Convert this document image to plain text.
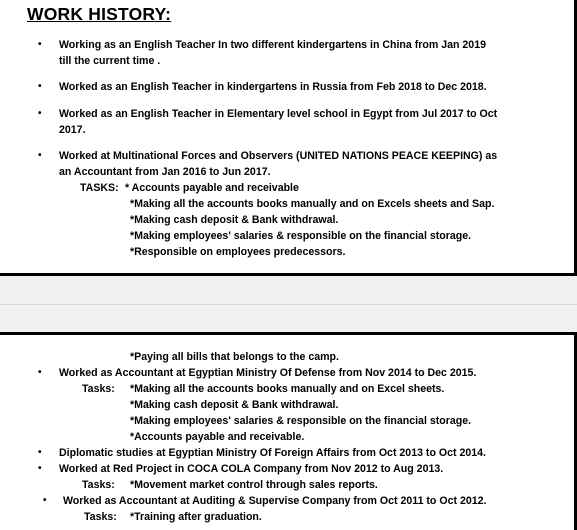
WORK HISTORY:
• Working as an English Teacher In two different kindergartens in China from Jan 2019
till the current time .
• Worked as an English Teacher in kindergartens in Russia from Feb 2018 to Dec 2018.
• Worked as an English Teacher in Elementary level school in Egypt from Jul 2017 to Oct
2017.
• Worked at Multinational Forces and Observers (UNITED NATIONS PEACE KEEPING) as
an Accountant from Jan 2016 to Jun 2017.
TASKS: * Accounts payable and receivable
*Making all the accounts books manually and on Excels sheets and Sap.
*Making cash deposit & Bank withdrawal.
*Making employees' salaries & responsible on the financial storage.
*Responsible on employees predecessors.
*Paying all bills that belongs to the camp.
• Worked as Accountant at Egyptian Ministry Of Defense from Nov 2014 to Dec 2015.
Tasks: *Making all the accounts books manually and on Excel sheets.
*Making cash deposit & Bank withdrawal.
*Making employees' salaries & responsible on the financial storage.
*Accounts payable and receivable.
• Diplomatic studies at Egyptian Ministry Of Foreign Affairs from Oct 2013 to Oct 2014.
• Worked at Red Project in COCA COLA Company from Nov 2012 to Aug 2013.
Tasks: *Movement market control through sales reports.
• Worked as Accountant at Auditing & Supervise Company from Oct 2011 to Oct 2012.
Tasks: *Training after graduation.
